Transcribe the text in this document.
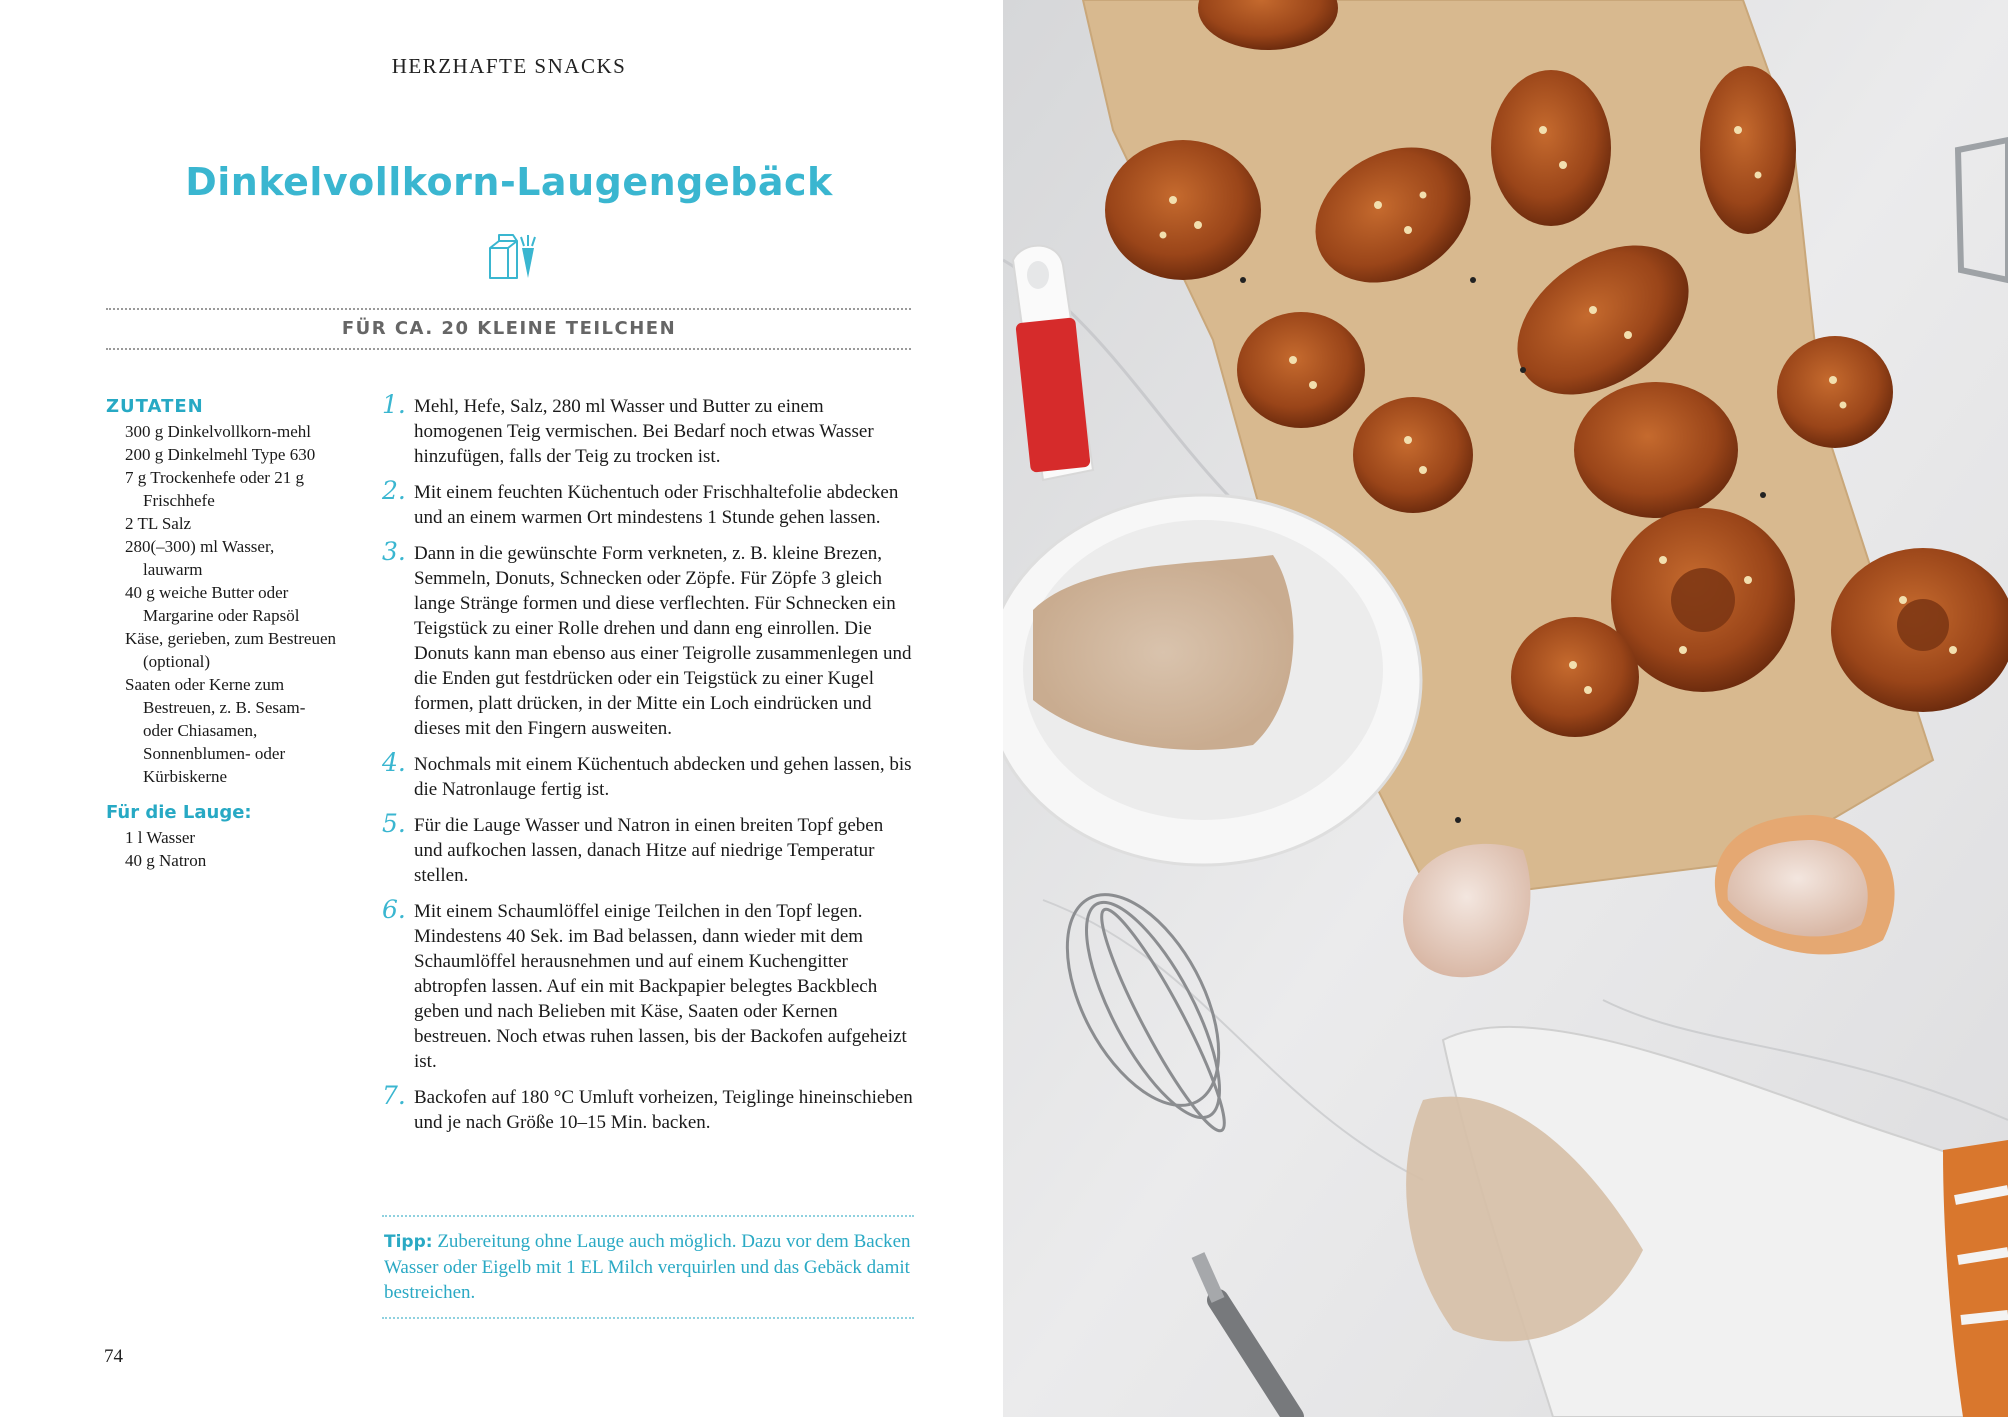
HERZHAFTE SNACKS
Dinkelvollkorn-Laugengebäck
FÜR CA. 20 KLEINE TEILCHEN
ZUTATEN
300 g Dinkelvollkorn-mehl
200 g Dinkelmehl Type 630
7 g Trockenhefe oder 21 g Frischhefe
2 TL Salz
280(–300) ml Wasser, lauwarm
40 g weiche Butter oder Margarine oder Rapsöl
Käse, gerieben, zum Bestreuen (optional)
Saaten oder Kerne zum Bestreuen, z. B. Sesam- oder Chiasamen, Sonnenblumen- oder Kürbiskerne
Für die Lauge:
1 l Wasser
40 g Natron
1. Mehl, Hefe, Salz, 280 ml Wasser und Butter zu einem homogenen Teig vermischen. Bei Bedarf noch etwas Wasser hinzufügen, falls der Teig zu trocken ist.
2. Mit einem feuchten Küchentuch oder Frischhaltefolie abdecken und an einem warmen Ort mindestens 1 Stunde gehen lassen.
3. Dann in die gewünschte Form verkneten, z. B. kleine Brezen, Semmeln, Donuts, Schnecken oder Zöpfe. Für Zöpfe 3 gleich lange Stränge formen und diese verflechten. Für Schnecken ein Teigstück zu einer Rolle drehen und dann eng einrollen. Die Donuts kann man ebenso aus einer Teigrolle zusammenlegen und die Enden gut festdrücken oder ein Teigstück zu einer Kugel formen, platt drücken, in der Mitte ein Loch eindrücken und dieses mit den Fingern ausweiten.
4. Nochmals mit einem Küchentuch abdecken und gehen lassen, bis die Natronlauge fertig ist.
5. Für die Lauge Wasser und Natron in einen breiten Topf geben und aufkochen lassen, danach Hitze auf niedrige Temperatur stellen.
6. Mit einem Schaumlöffel einige Teilchen in den Topf legen. Mindestens 40 Sek. im Bad belassen, dann wieder mit dem Schaumlöffel herausnehmen und auf einem Kuchengitter abtropfen lassen. Auf ein mit Backpapier belegtes Backblech geben und nach Belieben mit Käse, Saaten oder Kernen bestreuen. Noch etwas ruhen lassen, bis der Backofen aufgeheizt ist.
7. Backofen auf 180 °C Umluft vorheizen, Teiglinge hineinschieben und je nach Größe 10–15 Min. backen.
Tipp: Zubereitung ohne Lauge auch möglich. Dazu vor dem Backen Wasser oder Eigelb mit 1 EL Milch verquirlen und das Gebäck damit bestreichen.
74
